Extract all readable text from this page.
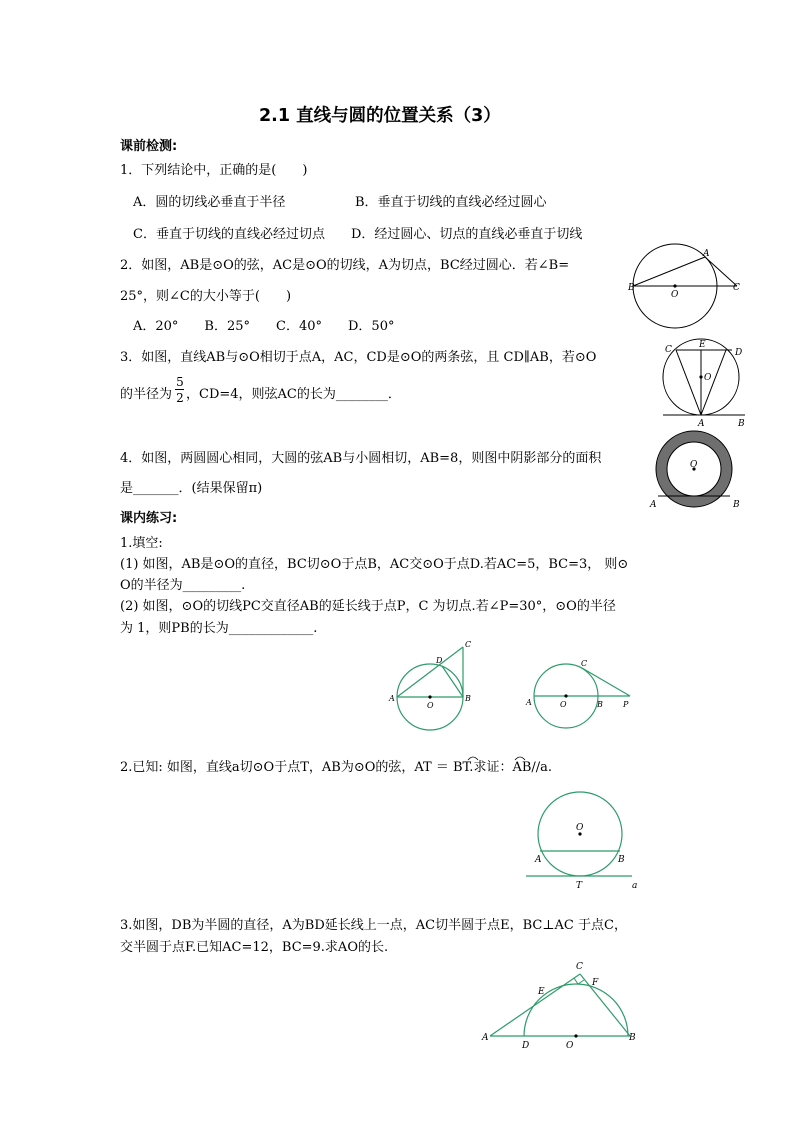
2.1 直线与圆的位置关系（3）
课前检测:
1．下列结论中，正确的是(　　)
A．圆的切线必垂直于半径	B．垂直于切线的直线必经过圆心
C．垂直于切线的直线必经过切点 D．经过圆心、切点的直线必垂直于切线
2．如图，AB是⊙O的弦，AC是⊙O的切线，A为切点，BC经过圆心．若∠B=
25°，则∠C的大小等于(　　)
A．20°　　B．25°　　C．40°　　D．50°
A
B	C
O
3．如图，直线AB与⊙O相切于点A，AC，CD是⊙O的两条弦，且 CD∥AB，若⊙O
的半径为
5
2 ，CD=4，则弦AC的长为________．
A	B
C	D
E
O
4．如图，两圆圆心相同，大圆的弦AB与小圆相切，AB=8，则图中阴影部分的面积
是_______．(结果保留π)
O
A	B
课内练习:
1.填空:
(1) 如图，AB是⊙O的直径，BC切⊙O于点B，AC交⊙O于点D.若AC=5，BC=3， 则⊙
O的半径为_________.
(2) 如图，⊙O的切线PC交直径AB的延长线于点P，C 为切点.若∠P=30°，⊙O的半径
为 1，则PB的长为_____________.
A	B
C
D
O	A	O	B	P
C
2.已知: 如图，直线a切⊙O于点T，AB为⊙O的弦，AT ＝ BT.求证：AB//a.
O
A	B
T	a
3.如图，DB为半圆的直径，A为BD延长线上一点，AC切半圆于点E，BC⊥AC 于点C，
交半圆于点F.已知AC=12，BC=9.求AO的长.
A
D	O
B
C
E
F
